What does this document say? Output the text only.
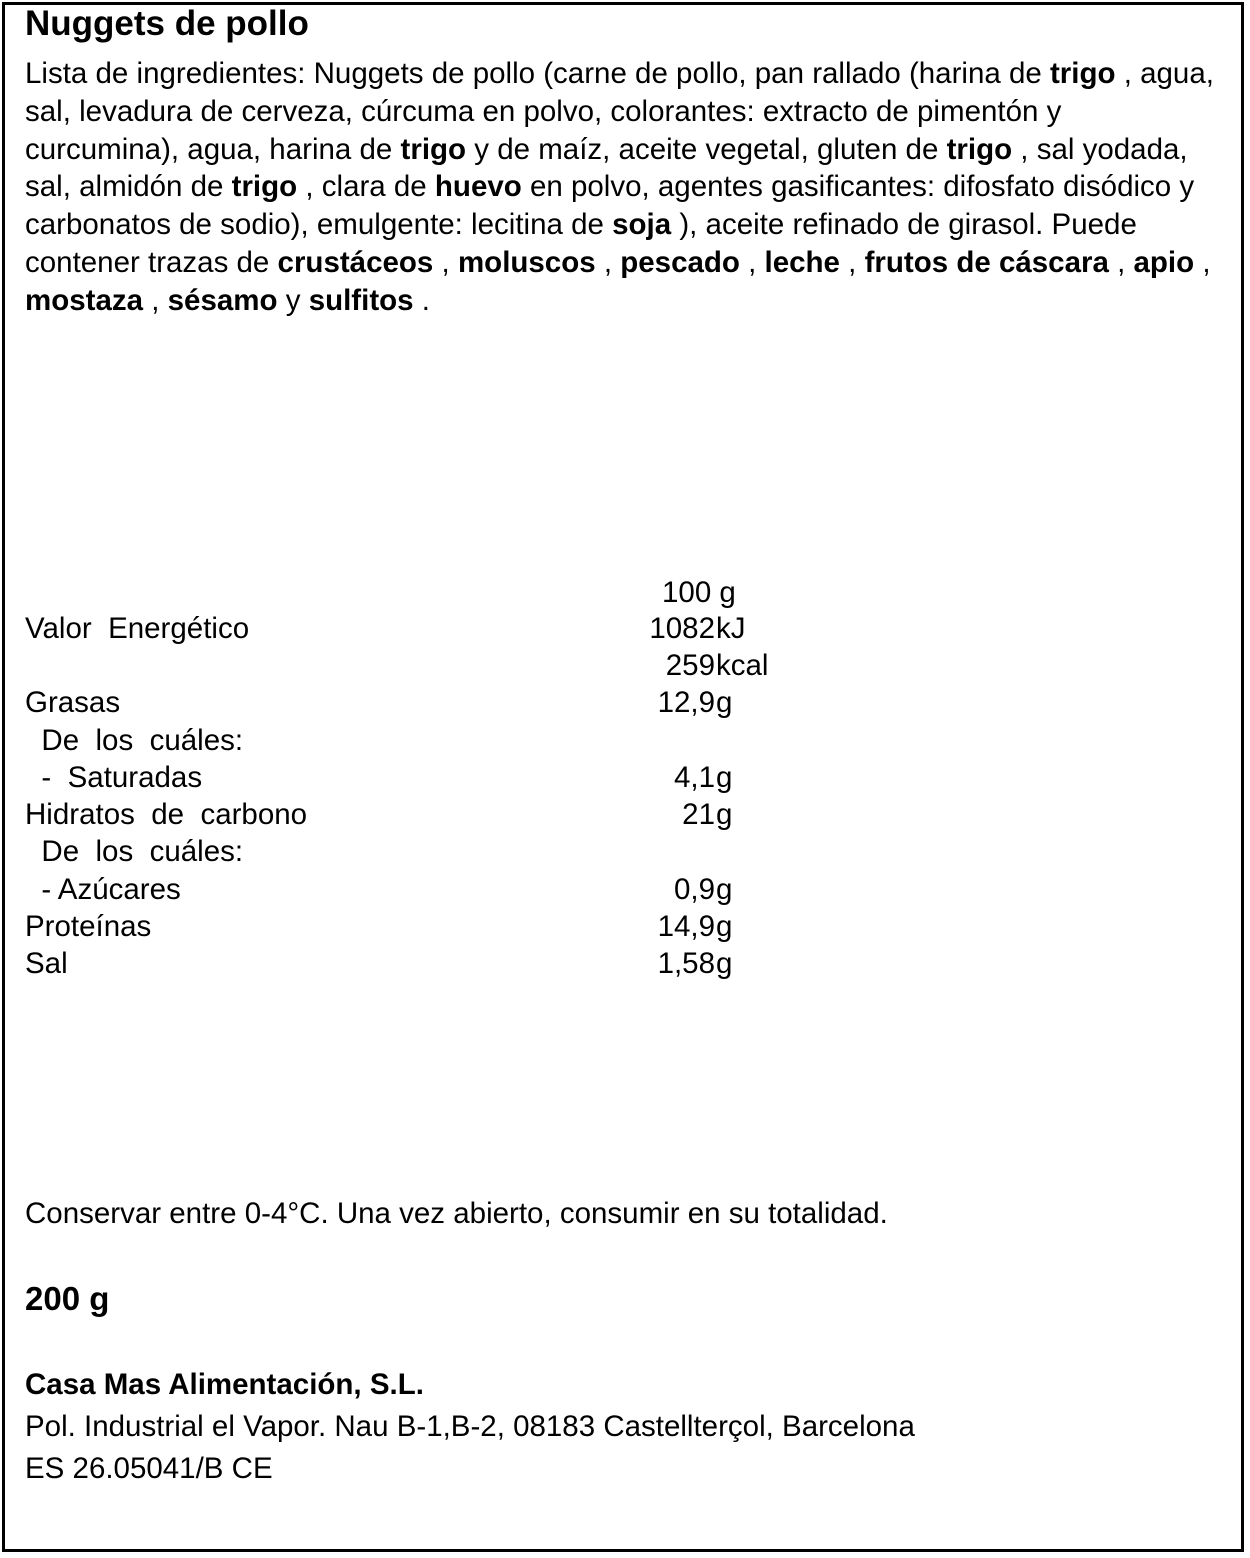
Nuggets de pollo
Lista de ingredientes: Nuggets de pollo (carne de pollo, pan rallado (harina de trigo , agua, sal, levadura de cerveza, cúrcuma en polvo, colorantes: extracto de pimentón y curcumina), agua, harina de trigo y de maíz, aceite vegetal, gluten de trigo , sal yodada, sal, almidón de trigo , clara de huevo en polvo, agentes gasificantes: difosfato disódico y carbonatos de sodio), emulgente: lecitina de soja ), aceite refinado de girasol. Puede contener trazas de crustáceos , moluscos , pescado , leche , frutos de cáscara , apio , mostaza , sésamo y sulfitos .
100 g
Valor  Energético	1082 kJ
259 kcal
Grasas	12,9 g
De  los  cuáles:
-  Saturadas	4,1 g
Hidratos  de  carbono	21 g
De  los  cuáles:
- Azúcares	0,9 g
Proteínas	14,9 g
Sal	1,58 g
Conservar entre 0-4°C. Una vez abierto, consumir en su totalidad.
200 g
Casa Mas Alimentación, S.L.
Pol. Industrial el Vapor. Nau B-1,B-2, 08183 Castellterçol, Barcelona
ES 26.05041/B CE
